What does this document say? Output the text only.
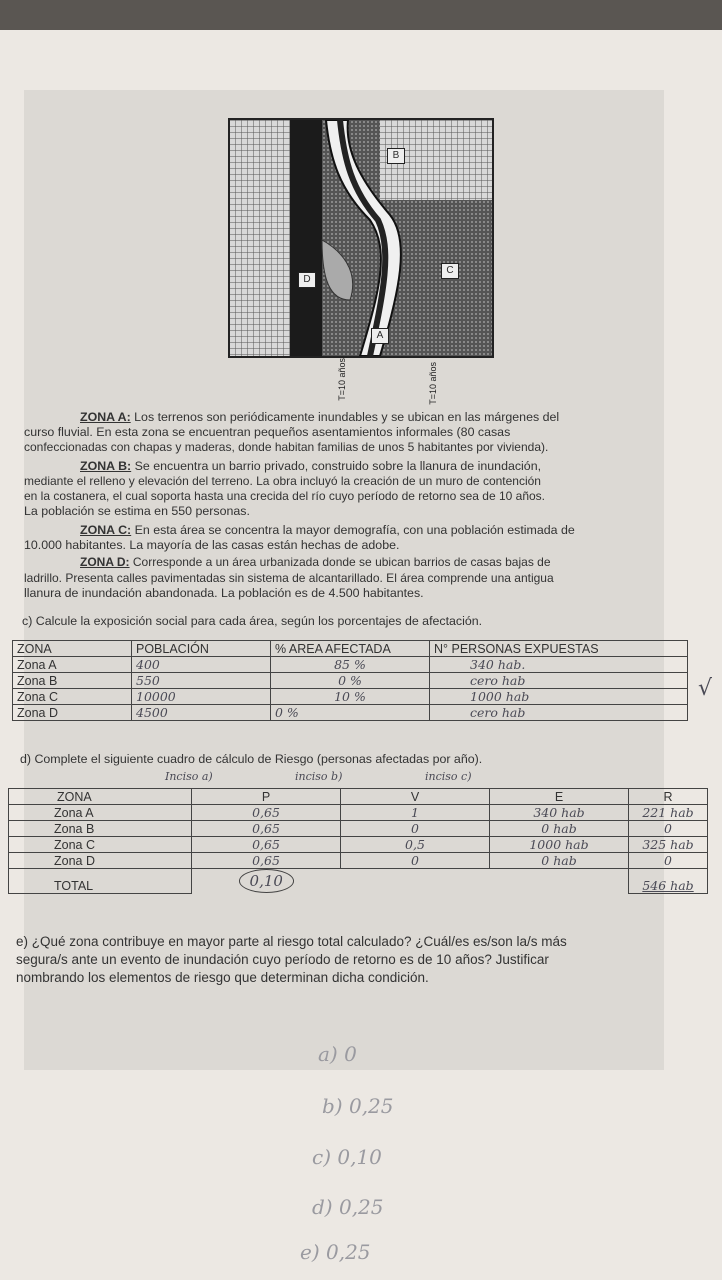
B
C
D
A
T=10 años	T=10 años
ZONA A: Los terrenos son periódicamente inundables y se ubican en las márgenes del
curso fluvial. En esta zona se encuentran pequeños asentamientos informales (80 casas
confeccionadas con chapas y maderas, donde habitan familias de unos 5 habitantes por vivienda).
ZONA B: Se encuentra un barrio privado, construido sobre la llanura de inundación,
mediante el relleno y elevación del terreno. La obra incluyó la creación de un muro de contención
en la costanera, el cual soporta hasta una crecida del río cuyo período de retorno sea de 10 años.
La población se estima en 550 personas.
ZONA C: En esta área se concentra la mayor demografía, con una población estimada de
10.000 habitantes. La mayoría de las casas están hechas de adobe.
ZONA D: Corresponde a un área urbanizada donde se ubican barrios de casas bajas de
ladrillo. Presenta calles pavimentadas sin sistema de alcantarillado. El área comprende una antigua
llanura de inundación abandonada. La población es de 4.500 habitantes.
c) Calcule la exposición social para cada área, según los porcentajes de afectación.
ZONA	POBLACIÓN	% AREA AFECTADA	N° PERSONAS EXPUESTAS
Zona A	400	85 %	340 hab.
Zona B	550	0 %	cero hab
Zona C	10000	10 %	1000 hab
Zona D	4500	0 %	cero hab
√
d) Complete el siguiente cuadro de cálculo de Riesgo (personas afectadas por año).
Inciso a)	inciso b)	inciso c)
ZONA	P	V	E	R
Zona A	0,65	1	340 hab	221 hab
Zona B	0,65	0	0 hab	0
Zona C	0,65	0,5	1000 hab	325 hab
Zona D	0,65	0	0 hab	0
TOTAL	0,10			546 hab
e) ¿Qué zona contribuye en mayor parte al riesgo total calculado? ¿Cuál/es es/son la/s más
segura/s ante un evento de inundación cuyo período de retorno es de 10 años? Justificar
nombrando los elementos de riesgo que determinan dicha condición.
a) 0
b) 0,25
c) 0,10
d) 0,25
e) 0,25
